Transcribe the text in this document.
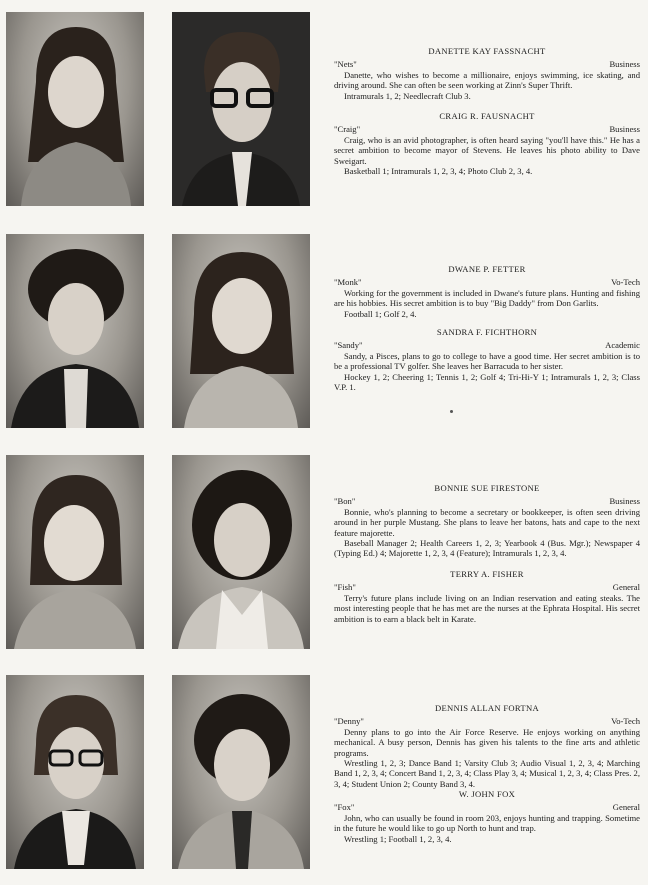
DANETTE KAY FASSNACHT
"Nets"	Business

Danette, who wishes to become a millionaire, enjoys swimming, ice skating, and driving around. She can often be seen working at Zinn's Super Thrift.

Intramurals 1, 2; Needlecraft Club 3.

CRAIG R. FAUSNACHT
"Craig"	Business

Craig, who is an avid photographer, is often heard saying "you'll have this." He has a secret ambition to become mayor of Stevens. He leaves his photo ability to Dave Sweigart.

Basketball 1; Intramurals 1, 2, 3, 4; Photo Club 2, 3, 4.

DWANE P. FETTER
"Monk"	Vo-Tech

Working for the government is included in Dwane's future plans. Hunting and fishing are his hobbies. His secret ambition is to buy "Big Daddy" from Don Garlits.

Football 1; Golf 2, 4.

SANDRA F. FICHTHORN
"Sandy"	Academic

Sandy, a Pisces, plans to go to college to have a good time. Her secret ambition is to be a professional TV golfer. She leaves her Barracuda to her sister.

Hockey 1, 2; Cheering 1; Tennis 1, 2; Golf 4; Tri-Hi-Y 1; Intramurals 1, 2, 3; Class V.P. 1.

BONNIE SUE FIRESTONE
"Bon"	Business

Bonnie, who's planning to become a secretary or bookkeeper, is often seen driving around in her purple Mustang. She plans to leave her batons, hats and cape to the next feature majorette.

Baseball Manager 2; Health Careers 1, 2, 3; Yearbook 4 (Bus. Mgr.); Newspaper 4 (Typing Ed.) 4; Majorette 1, 2, 3, 4 (Feature); Intramurals 1, 2, 3, 4.

TERRY A. FISHER
"Fish"	General

Terry's future plans include living on an Indian reservation and eating steaks. The most interesting people that he has met are the nurses at the Ephrata Hospital. His secret ambition is to earn a black belt in Karate.

DENNIS ALLAN FORTNA
"Denny"	Vo-Tech

Denny plans to go into the Air Force Reserve. He enjoys working on anything mechanical. A busy person, Dennis has given his talents to the fine arts and athletic programs.

Wrestling 1, 2, 3; Dance Band 1; Varsity Club 3; Audio Visual 1, 2, 3, 4; Marching Band 1, 2, 3, 4; Concert Band 1, 2, 3, 4; Class Play 3, 4; Musical 1, 2, 3, 4; Class Pres. 2, 3, 4; Student Union 2; County Band 3, 4.

W. JOHN FOX
"Fox"	General

John, who can usually be found in room 203, enjoys hunting and trapping. Sometime in the future he would like to go up North to hunt and trap.

Wrestling 1; Football 1, 2, 3, 4.
